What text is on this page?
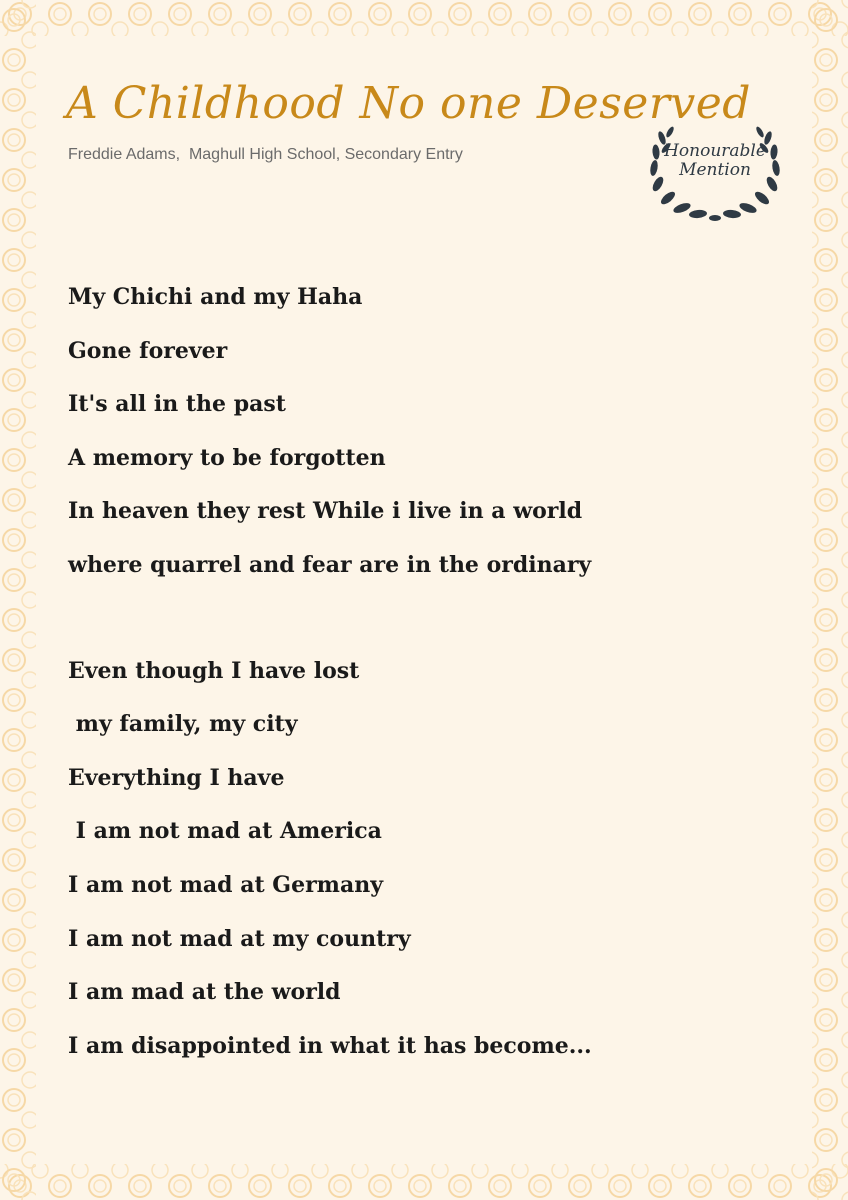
A Childhood No one Deserved
Freddie Adams,  Maghull High School, Secondary Entry	Honourable
Mention
My Chichi and my Haha
Gone forever
It's all in the past
A memory to be forgotten
In heaven they rest While i live in a world
where quarrel and fear are in the ordinary
Even though I have lost
my family, my city
Everything I have
I am not mad at America
I am not mad at Germany
I am not mad at my country
I am mad at the world
I am disappointed in what it has become...
